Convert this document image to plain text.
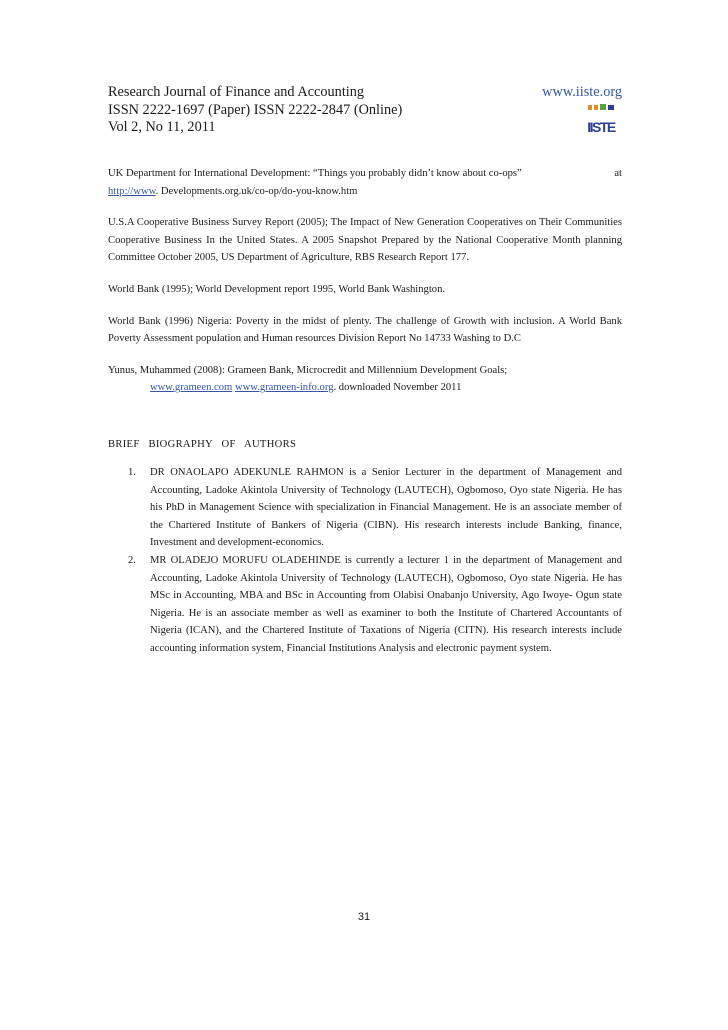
Research Journal of Finance and Accounting
ISSN 2222-1697 (Paper) ISSN 2222-2847 (Online)
Vol 2, No 11, 2011
www.iiste.org
IISTE

at
UK Department for International Development: “Things you probably didn’t know about co-ops”
http://www. Developments.org.uk/co-op/do-you-know.htm

U.S.A Cooperative Business Survey Report (2005); The Impact of New Generation Cooperatives on Their Communities Cooperative Business In the United States. A 2005 Snapshot Prepared by the National Cooperative Month planning Committee October 2005, US Department of Agriculture, RBS Research Report 177.

World Bank (1995); World Development report 1995, World Bank Washington.

World Bank (1996) Nigeria: Poverty in the midst of plenty. The challenge of Growth with inclusion. A World Bank Poverty Assessment population and Human resources Division Report No 14733 Washing to D.C

Yunus, Muhammed (2008): Grameen Bank, Microcredit and Millennium Development Goals;
www.grameen.com www.grameen-info.org. downloaded November 2011

BRIEF BIOGRAPHY OF AUTHORS
1. DR ONAOLAPO ADEKUNLE RAHMON is a Senior Lecturer in the department of Management and Accounting, Ladoke Akintola University of Technology (LAUTECH), Ogbomoso, Oyo state Nigeria. He has his PhD in Management Science with specialization in Financial Management. He is an associate member of the Chartered Institute of Bankers of Nigeria (CIBN). His research interests include Banking, finance, Investment and development-economics.
2. MR OLADEJO MORUFU OLADEHINDE is currently a lecturer 1 in the department of Management and Accounting, Ladoke Akintola University of Technology (LAUTECH), Ogbomoso, Oyo state Nigeria. He has MSc in Accounting, MBA and BSc in Accounting from Olabisi Onabanjo University, Ago Iwoye- Ogun state Nigeria. He is an associate member as well as examiner to both the Institute of Chartered Accountants of Nigeria (ICAN), and the Chartered Institute of Taxations of Nigeria (CITN). His research interests include accounting information system, Financial Institutions Analysis and electronic payment system.
31
